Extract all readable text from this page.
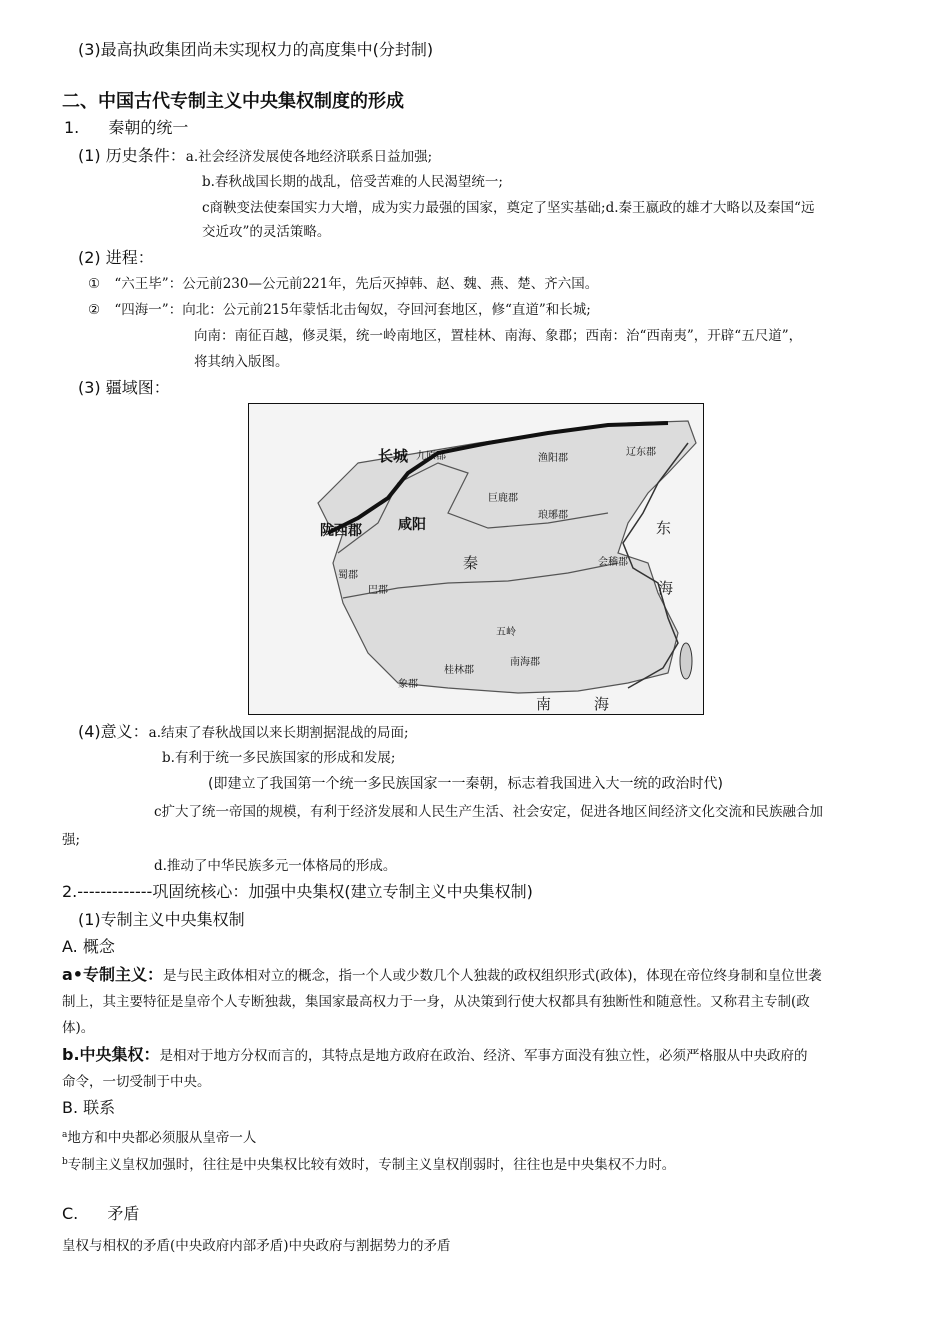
(3)最高执政集团尚未实现权力的高度集中(分封制)
二、中国古代专制主义中央集权制度的形成
1. 秦朝的统一
(1) 历史条件：a.社会经济发展使各地经济联系日益加强;
b.春秋战国长期的战乱，倍受苦难的人民渴望统一;
c商鞅变法使秦国实力大增，成为实力最强的国家，奠定了坚实基础;d.秦王嬴政的雄才大略以及秦国“远
交近攻”的灵活策略。
(2) 进程：
① “六王毕”：公元前230—公元前221年，先后灭掉韩、赵、魏、燕、楚、齐六国。
② “四海一”：向北：公元前215年蒙恬北击匈奴，夺回河套地区，修“直道”和长城;
向南：南征百越，修灵渠，统一岭南地区，置桂林、南海、象郡；西南：治“西南夷”，开辟“五尺道”，
将其纳入版图。
(3) 疆域图：
长城 九原郡	渔阳郡
辽东郡
巨鹿郡
琅琊郡
陇西郡	咸阳
秦
巴郡
蜀郡
会稽郡
五岭
南海郡
桂林郡
象郡
东
海
南	海
(4)意义：a.结束了春秋战国以来长期割据混战的局面;
b.有利于统一多民族国家的形成和发展;
(即建立了我国第一个统一多民族国家一一秦朝，标志着我国进入大一统的政治时代)
c扩大了统一帝国的规模，有利于经济发展和人民生产生活、社会安定，促进各地区间经济文化交流和民族融合加
强;
d.推动了中华民族多元一体格局的形成。
2.-------------巩固统核心：加强中央集权(建立专制主义中央集权制)
(1)专制主义中央集权制
A. 概念
a•专制主义：是与民主政体相对立的概念，指一个人或少数几个人独裁的政权组织形式(政体)，体现在帝位终身制和皇位世袭
制上，其主要特征是皇帝个人专断独裁，集国家最高权力于一身，从决策到行使大权都具有独断性和随意性。又称君主专制(政
体)。
b.中央集权：是相对于地方分权而言的，其特点是地方政府在政治、经济、军事方面没有独立性，必须严格服从中央政府的
命令，一切受制于中央。
B. 联系
$^a$地方和中央都必须服从皇帝一人
$^b$专制主义皇权加强时，往往是中央集权比较有效时，专制主义皇权削弱时，往往也是中央集权不力时。
C. 矛盾
皇权与相权的矛盾(中央政府内部矛盾)中央政府与割据势力的矛盾
